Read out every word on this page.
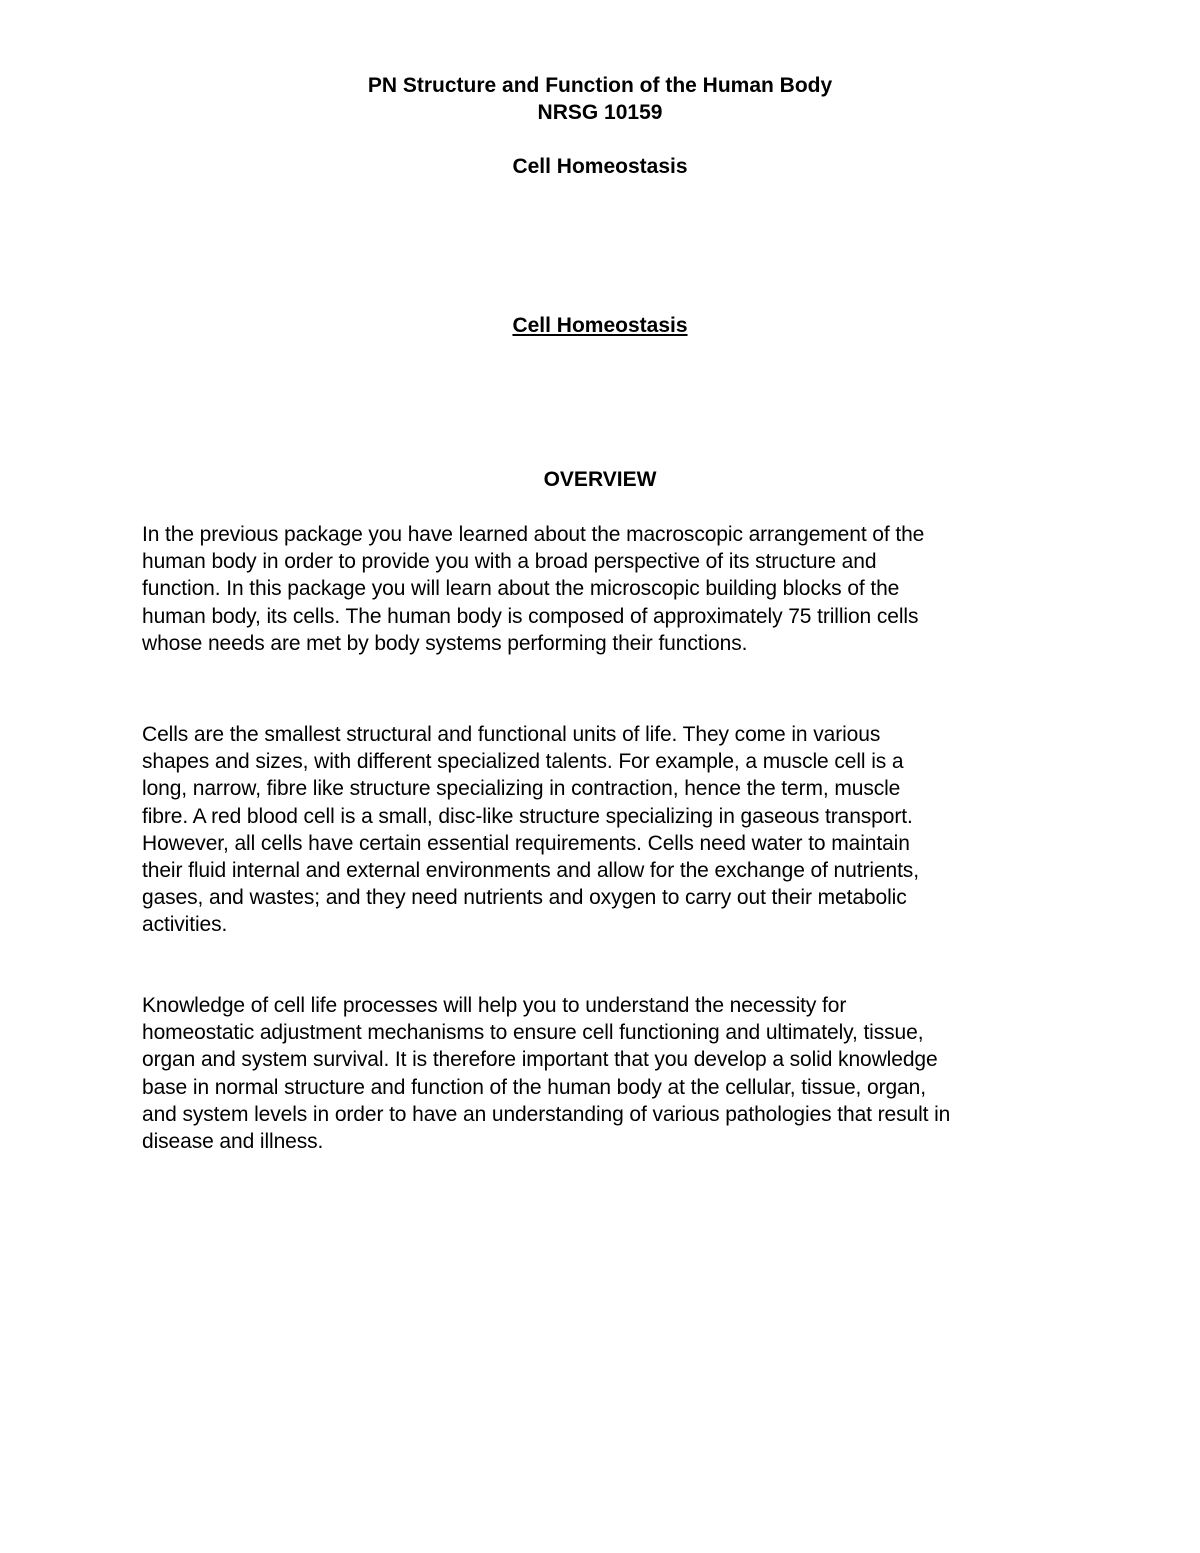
PN Structure and Function of the Human Body

NRSG 10159

Cell Homeostasis

Cell Homeostasis

OVERVIEW

In the previous package you have learned about the macroscopic arrangement of the
human body in order to provide you with a broad perspective of its structure and
function. In this package you will learn about the microscopic building blocks of the
human body, its cells. The human body is composed of approximately 75 trillion cells
whose needs are met by body systems performing their functions.

Cells are the smallest structural and functional units of life. They come in various
shapes and sizes, with different specialized talents. For example, a muscle cell is a
long, narrow, fibre like structure specializing in contraction, hence the term, muscle
fibre. A red blood cell is a small, disc-like structure specializing in gaseous transport.
However, all cells have certain essential requirements. Cells need water to maintain
their fluid internal and external environments and allow for the exchange of nutrients,
gases, and wastes; and they need nutrients and oxygen to carry out their metabolic
activities.

Knowledge of cell life processes will help you to understand the necessity for
homeostatic adjustment mechanisms to ensure cell functioning and ultimately, tissue,
organ and system survival. It is therefore important that you develop a solid knowledge
base in normal structure and function of the human body at the cellular, tissue, organ,
and system levels in order to have an understanding of various pathologies that result in
disease and illness.
